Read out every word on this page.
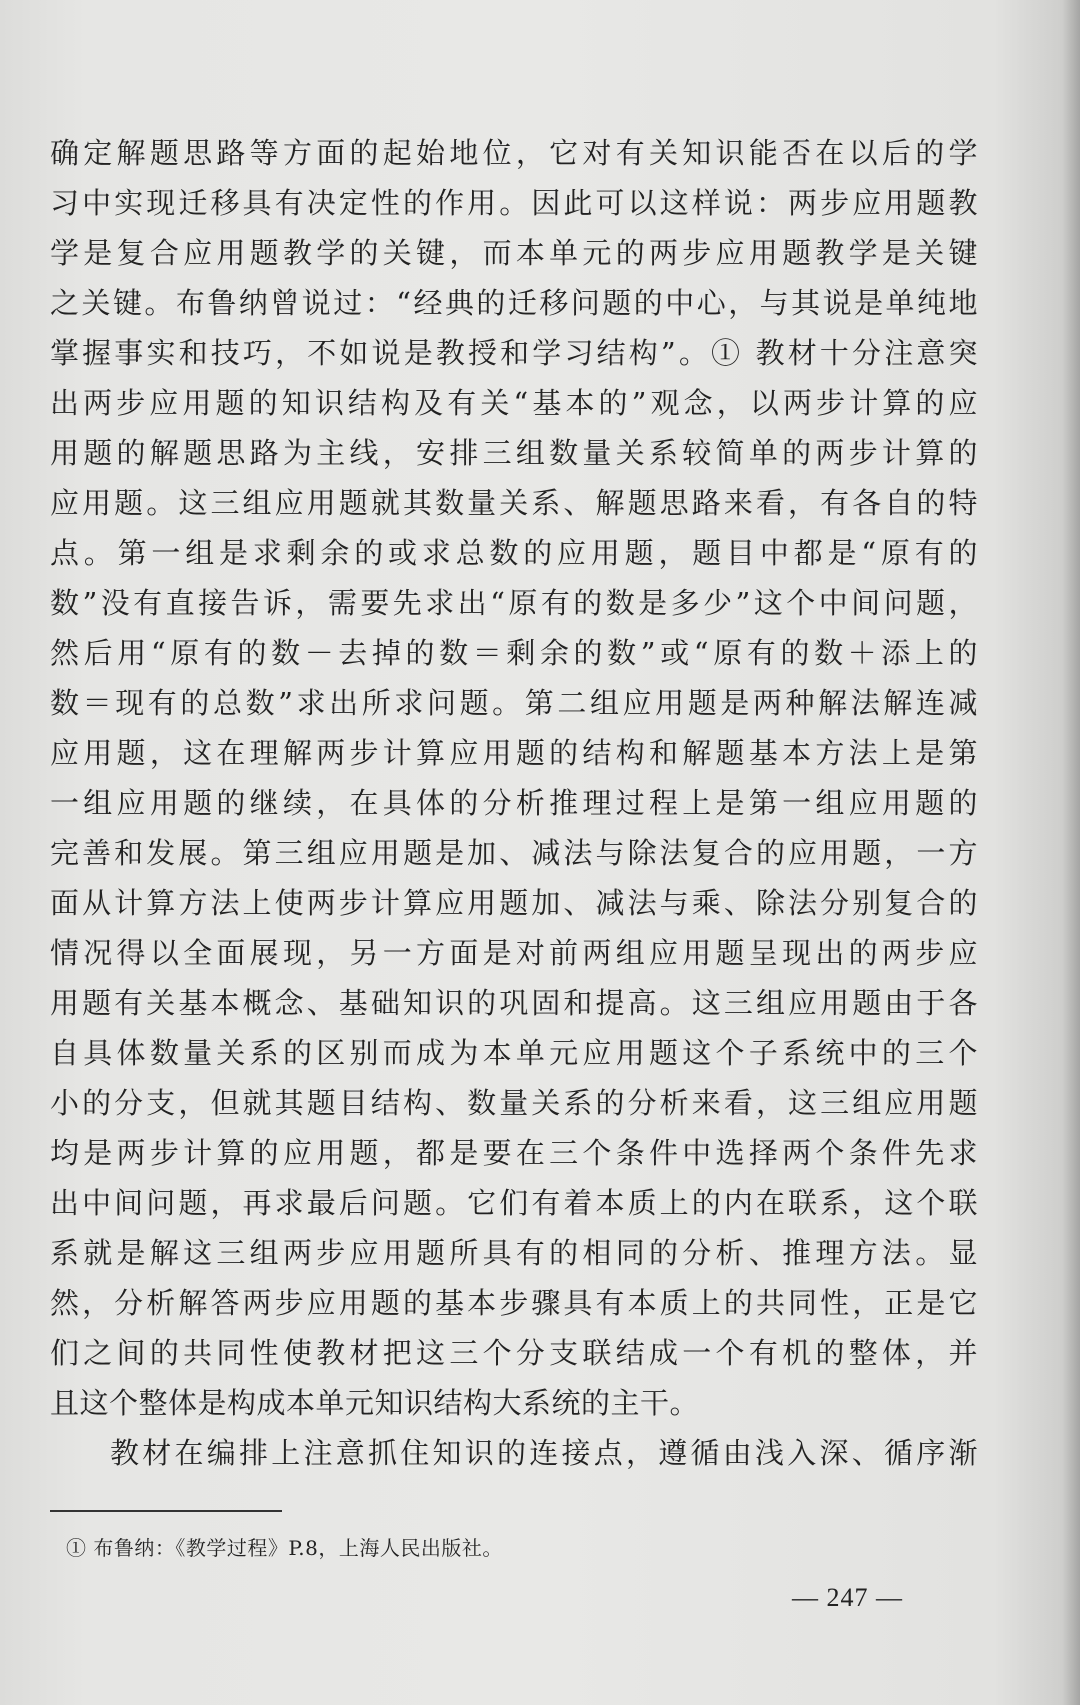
确定解题思路等方面的起始地位，它对有关知识能否在以后的学
习中实现迁移具有决定性的作用。因此可以这样说：两步应用题教
学是复合应用题教学的关键，而本单元的两步应用题教学是关键
之关键。布鲁纳曾说过：“经典的迁移问题的中心，与其说是单纯地
掌握事实和技巧，不如说是教授和学习结构”。① 教材十分注意突
出两步应用题的知识结构及有关“基本的”观念，以两步计算的应
用题的解题思路为主线，安排三组数量关系较简单的两步计算的
应用题。这三组应用题就其数量关系、解题思路来看，有各自的特
点。第一组是求剩余的或求总数的应用题，题目中都是“原有的
数”没有直接告诉，需要先求出“原有的数是多少”这个中间问题，
然后用“原有的数－去掉的数＝剩余的数”或“原有的数＋添上的
数＝现有的总数”求出所求问题。第二组应用题是两种解法解连减
应用题，这在理解两步计算应用题的结构和解题基本方法上是第
一组应用题的继续，在具体的分析推理过程上是第一组应用题的
完善和发展。第三组应用题是加、减法与除法复合的应用题，一方
面从计算方法上使两步计算应用题加、减法与乘、除法分别复合的
情况得以全面展现，另一方面是对前两组应用题呈现出的两步应
用题有关基本概念、基础知识的巩固和提高。这三组应用题由于各
自具体数量关系的区别而成为本单元应用题这个子系统中的三个
小的分支，但就其题目结构、数量关系的分析来看，这三组应用题
均是两步计算的应用题，都是要在三个条件中选择两个条件先求
出中间问题，再求最后问题。它们有着本质上的内在联系，这个联
系就是解这三组两步应用题所具有的相同的分析、推理方法。显
然，分析解答两步应用题的基本步骤具有本质上的共同性，正是它
们之间的共同性使教材把这三个分支联结成一个有机的整体，并
且这个整体是构成本单元知识结构大系统的主干。
教材在编排上注意抓住知识的连接点，遵循由浅入深、循序渐
① 布鲁纳：《教学过程》P.8，上海人民出版社。
— 247 —
